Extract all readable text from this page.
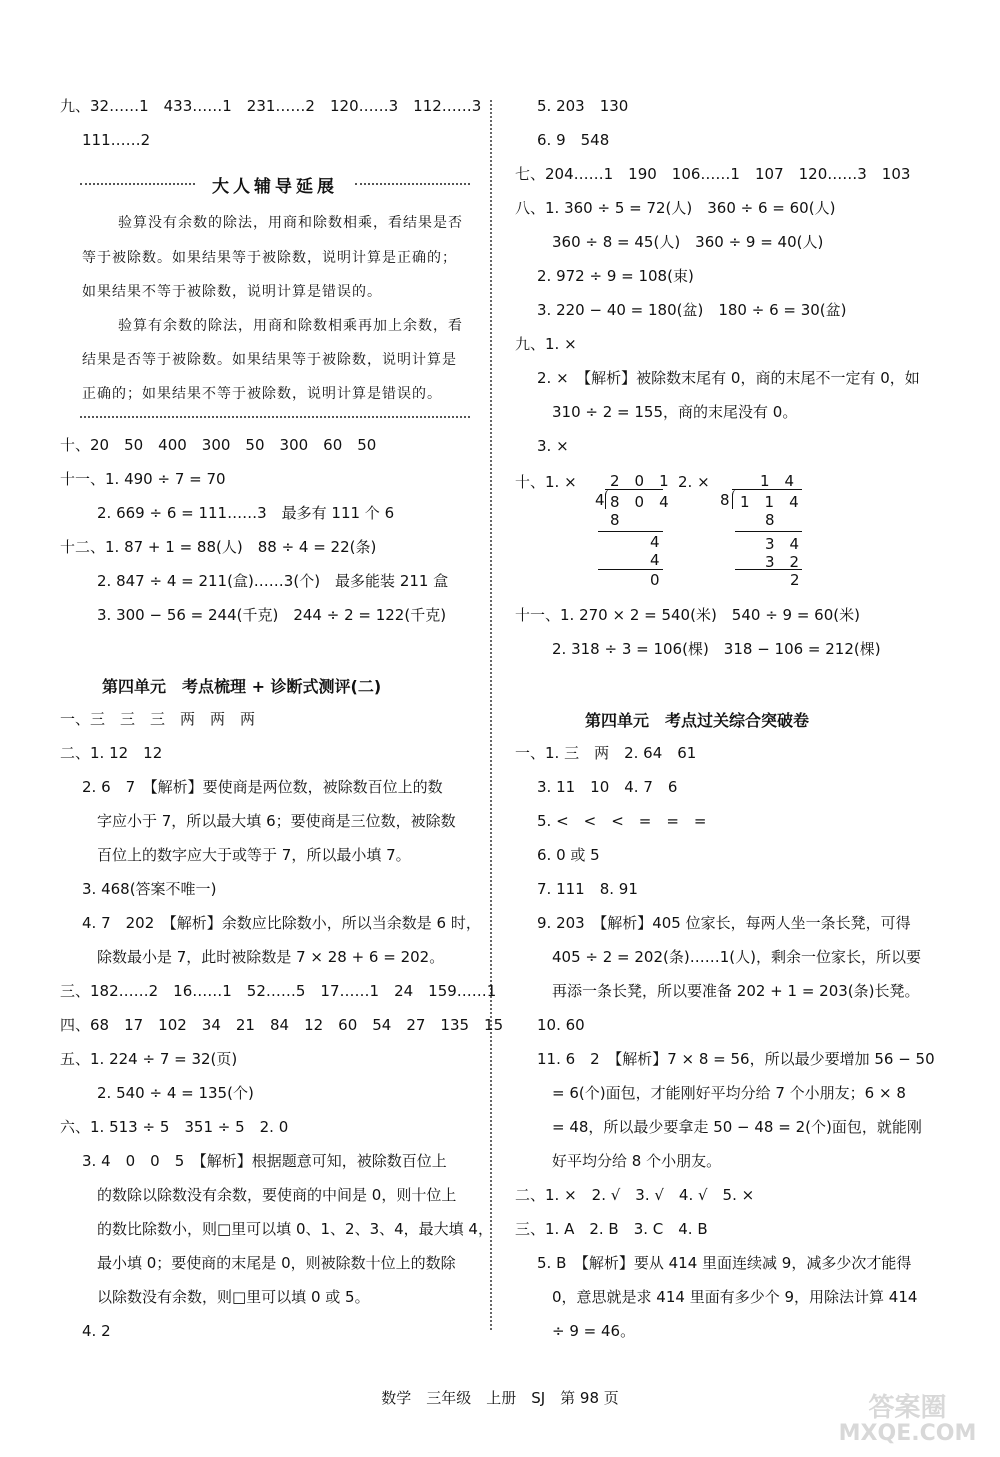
九、32……1　433……1　231……2　120……3　112……3
111……2
大人辅导延展
验算没有余数的除法，用商和除数相乘，看结果是否
等于被除数。如果结果等于被除数，说明计算是正确的；
如果结果不等于被除数，说明计算是错误的。
验算有余数的除法，用商和除数相乘再加上余数，看
结果是否等于被除数。如果结果等于被除数，说明计算是
正确的；如果结果不等于被除数，说明计算是错误的。
十、20　50　400　300　50　300　60　50
十一、1. 490 ÷ 7 = 70
2. 669 ÷ 6 = 111……3　最多有 111 个 6
十二、1. 87 + 1 = 88(人)　88 ÷ 4 = 22(条)
2. 847 ÷ 4 = 211(盒)……3(个)　最多能装 211 盒
3. 300 − 56 = 244(千克)　244 ÷ 2 = 122(千克)
第四单元　考点梳理 + 诊断式测评(二)
一、三　三　三　两　两　两
二、1. 12　12
2. 6　7　【解析】要使商是两位数，被除数百位上的数
字应小于 7，所以最大填 6；要使商是三位数，被除数
百位上的数字应大于或等于 7，所以最小填 7。
3. 468(答案不唯一)
4. 7　202　【解析】余数应比除数小，所以当余数是 6 时，
除数最小是 7，此时被除数是 7 × 28 + 6 = 202。
三、182……2　16……1　52……5　17……1　24　159……1
四、68　17　102　34　21　84　12　60　54　27　135　15
五、1. 224 ÷ 7 = 32(页)
2. 540 ÷ 4 = 135(个)
六、1. 513 ÷ 5　351 ÷ 5　2. 0
3. 4　0　0　5　【解析】根据题意可知，被除数百位上
的数除以除数没有余数，要使商的中间是 0，则十位上
的数比除数小，则□里可以填 0、1、2、3、4，最大填 4，
最小填 0；要使商的末尾是 0，则被除数十位上的数除
以除数没有余数，则□里可以填 0 或 5。
4. 2
5. 203　130
6. 9　548
七、204……1　190　106……1　107　120……3　103
八、1. 360 ÷ 5 = 72(人)　360 ÷ 6 = 60(人)
360 ÷ 8 = 45(人)　360 ÷ 9 = 40(人)
2. 972 ÷ 9 = 108(束)
3. 220 − 40 = 180(盆)　180 ÷ 6 = 30(盆)
九、1. ×
2. ×　【解析】被除数末尾有 0，商的末尾不一定有 0，如
310 ÷ 2 = 155，商的末尾没有 0。
3. ×
十、1. × 2　0　1
4 8　0　4
8
4
4
0
2. ×	1　4
8 1　1　4
8
3　4
3　2
2
十一、1. 270 × 2 = 540(米)　540 ÷ 9 = 60(米)
2. 318 ÷ 3 = 106(棵)　318 − 106 = 212(棵)
第四单元　考点过关综合突破卷
一、1. 三　两　2. 64　61
3. 11　10　4. 7　6
5. <　<　<　=　=　=
6. 0 或 5
7. 111　8. 91
9. 203　【解析】405 位家长，每两人坐一条长凳，可得
405 ÷ 2 = 202(条)……1(人)，剩余一位家长，所以要
再添一条长凳，所以要准备 202 + 1 = 203(条)长凳。
10. 60
11. 6　2　【解析】7 × 8 = 56，所以最少要增加 56 − 50
= 6(个)面包，才能刚好平均分给 7 个小朋友；6 × 8
= 48，所以最少要拿走 50 − 48 = 2(个)面包，就能刚
好平均分给 8 个小朋友。
二、1. ×　2. √　3. √　4. √　5. ×
三、1. A　2. B　3. C　4. B
5. B　【解析】要从 414 里面连续减 9，减多少次才能得
0，意思就是求 414 里面有多少个 9，用除法计算 414
÷ 9 = 46。
数学　三年级　上册　SJ　第 98 页	答案圈
MXQE.COM
